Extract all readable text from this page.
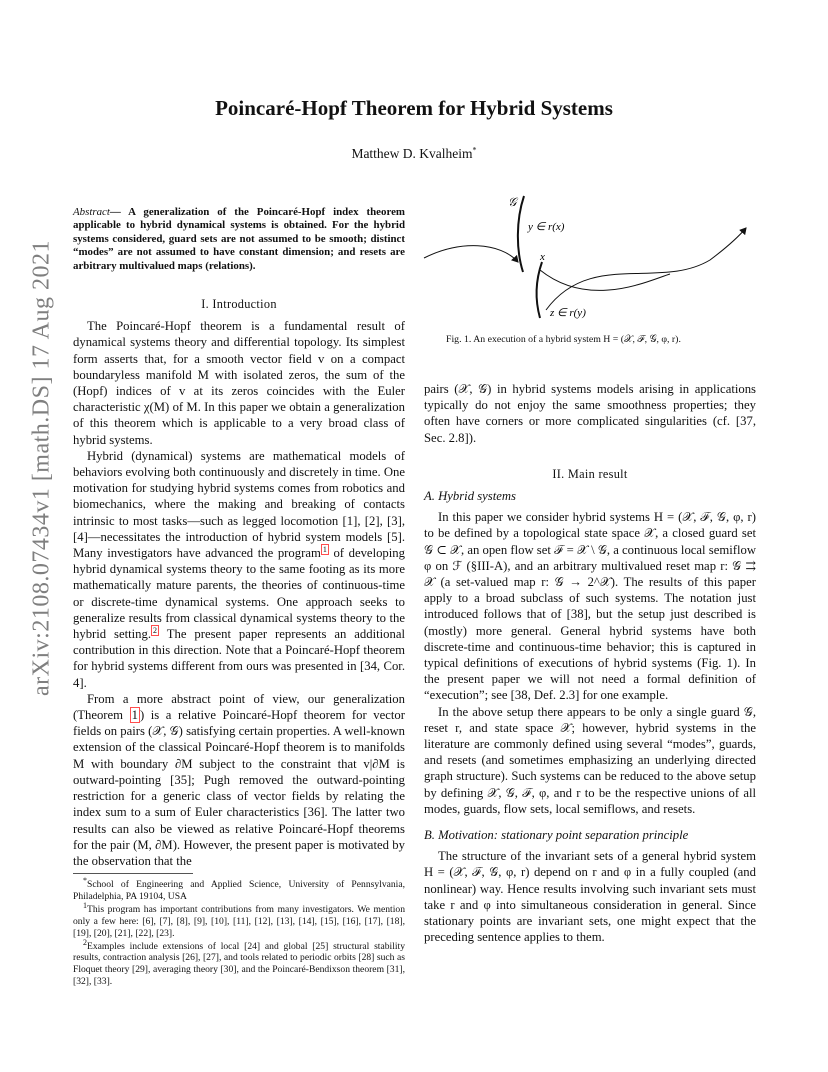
Poincaré-Hopf Theorem for Hybrid Systems
Matthew D. Kvalheim*
arXiv:2108.07434v1 [math.DS] 17 Aug 2021
Abstract— A generalization of the Poincaré-Hopf index theorem applicable to hybrid dynamical systems is obtained. For the hybrid systems considered, guard sets are not assumed to be smooth; distinct “modes” are not assumed to have constant dimension; and resets are arbitrary multivalued maps (relations).
I. Introduction

The Poincaré-Hopf theorem is a fundamental result of dynamical systems theory and differential topology. Its simplest form asserts that, for a smooth vector field v on a compact boundaryless manifold M with isolated zeros, the sum of the (Hopf) indices of v at its zeros coincides with the Euler characteristic χ(M) of M. In this paper we obtain a generalization of this theorem which is applicable to a very broad class of hybrid systems.

Hybrid (dynamical) systems are mathematical models of behaviors evolving both continuously and discretely in time. One motivation for studying hybrid systems comes from robotics and biomechanics, where the making and breaking of contacts intrinsic to most tasks—such as legged locomotion [1], [2], [3], [4]—necessitates the introduction of hybrid system models [5]. Many investigators have advanced the program $^1$ of developing hybrid dynamical systems theory to the same footing as its more mathematically mature parents, the theories of continuous-time or discrete-time dynamical systems. One approach seeks to generalize results from classical dynamical systems theory to the hybrid setting. $^2$ The present paper represents an additional contribution in this direction. Note that a Poincaré-Hopf theorem for hybrid systems different from ours was presented in [34, Cor. 4].

From a more abstract point of view, our generalization (Theorem 1 ) is a relative Poincaré-Hopf theorem for vector fields on pairs (𝒳, 𝒢) satisfying certain properties. A well-known extension of the classical Poincaré-Hopf theorem is to manifolds M with boundary ∂M subject to the constraint that v|∂M is outward-pointing [35]; Pugh removed the outward-pointing restriction for a generic class of vector fields by relating the index sum to a sum of Euler characteristics [36]. The latter two results can also be viewed as relative Poincaré-Hopf theorems for the pair (M, ∂M). However, the present paper is motivated by the observation that the

*School of Engineering and Applied Science, University of Pennsylvania, Philadelphia, PA 19104, USA

$^1$This program has important contributions from many investigators. We mention only a few here: [6], [7], [8], [9], [10], [11], [12], [13], [14], [15], [16], [17], [18], [19], [20], [21], [22], [23].

$^2$Examples include extensions of local [24] and global [25] structural stability results, contraction analysis [26], [27], and tools related to periodic orbits [28] such as Floquet theory [29], averaging theory [30], and the Poincaré-Bendixson theorem [31], [32], [33].

𝒢
y ∈ r(x)
x
z ∈ r(y)
Fig. 1. An execution of a hybrid system H = (𝒳, ℱ, 𝒢, φ, r).

pairs (𝒳, 𝒢) in hybrid systems models arising in applications typically do not enjoy the same smoothness properties; they often have corners or more complicated singularities (cf. [37, Sec. 2.8]).

II. Main result
A. Hybrid systems

In this paper we consider hybrid systems H = (𝒳, ℱ, 𝒢, φ, r) to be defined by a topological state space 𝒳, a closed guard set 𝒢 ⊂ 𝒳, an open flow set ℱ = 𝒳 \ 𝒢, a continuous local semiflow φ on ℱ (§III-A), and an arbitrary multivalued reset map r: 𝒢 ⇉ 𝒳 (a set-valued map r: 𝒢 → 2^𝒳). The results of this paper apply to a broad subclass of such systems. The notation just introduced follows that of [38], but the setup just described is (mostly) more general. General hybrid systems have both discrete-time and continuous-time behavior; this is captured in typical definitions of executions of hybrid systems (Fig. 1). In the present paper we will not need a formal definition of “execution”; see [38, Def. 2.3] for one example.

In the above setup there appears to be only a single guard 𝒢, reset r, and state space 𝒳; however, hybrid systems in the literature are commonly defined using several “modes”, guards, and resets (and sometimes emphasizing an underlying directed graph structure). Such systems can be reduced to the above setup by defining 𝒳, 𝒢, ℱ, φ, and r to be the respective unions of all modes, guards, flow sets, local semiflows, and resets.

B. Motivation: stationary point separation principle

The structure of the invariant sets of a general hybrid system H = (𝒳, ℱ, 𝒢, φ, r) depend on r and φ in a fully coupled (and nonlinear) way. Hence results involving such invariant sets must take r and φ into simultaneous consideration in general. Since stationary points are invariant sets, one might expect that the preceding sentence applies to them.
